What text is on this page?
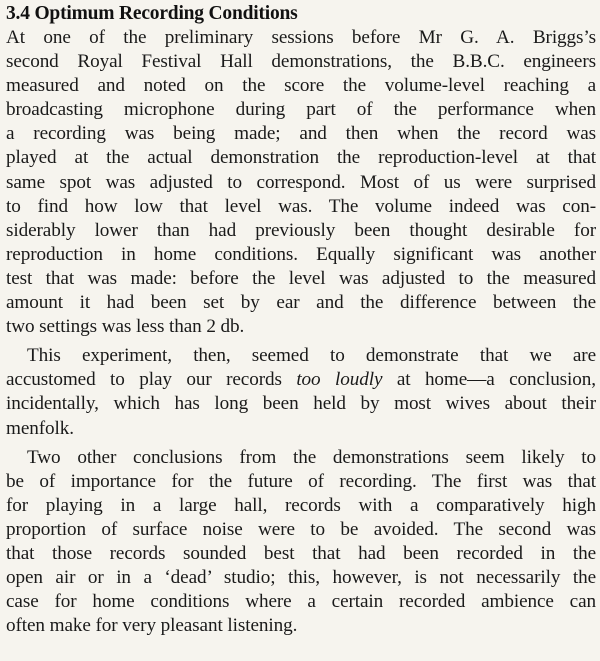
3.4 Optimum Recording Conditions
At one of the preliminary sessions before Mr G. A. Briggs’s
second Royal Festival Hall demonstrations, the B.B.C. engineers
measured and noted on the score the volume-level reaching a
broadcasting microphone during part of the performance when
a recording was being made; and then when the record was
played at the actual demonstration the reproduction-level at that
same spot was adjusted to correspond. Most of us were surprised
to find how low that level was. The volume indeed was con-
siderably lower than had previously been thought desirable for
reproduction in home conditions. Equally significant was another
test that was made: before the level was adjusted to the measured
amount it had been set by ear and the difference between the
two settings was less than 2 db.
This experiment, then, seemed to demonstrate that we are
accustomed to play our records too loudly at home—a conclusion,
incidentally, which has long been held by most wives about their
menfolk.
Two other conclusions from the demonstrations seem likely to
be of importance for the future of recording. The first was that
for playing in a large hall, records with a comparatively high
proportion of surface noise were to be avoided. The second was
that those records sounded best that had been recorded in the
open air or in a ‘dead’ studio; this, however, is not necessarily the
case for home conditions where a certain recorded ambience can
often make for very pleasant listening.
